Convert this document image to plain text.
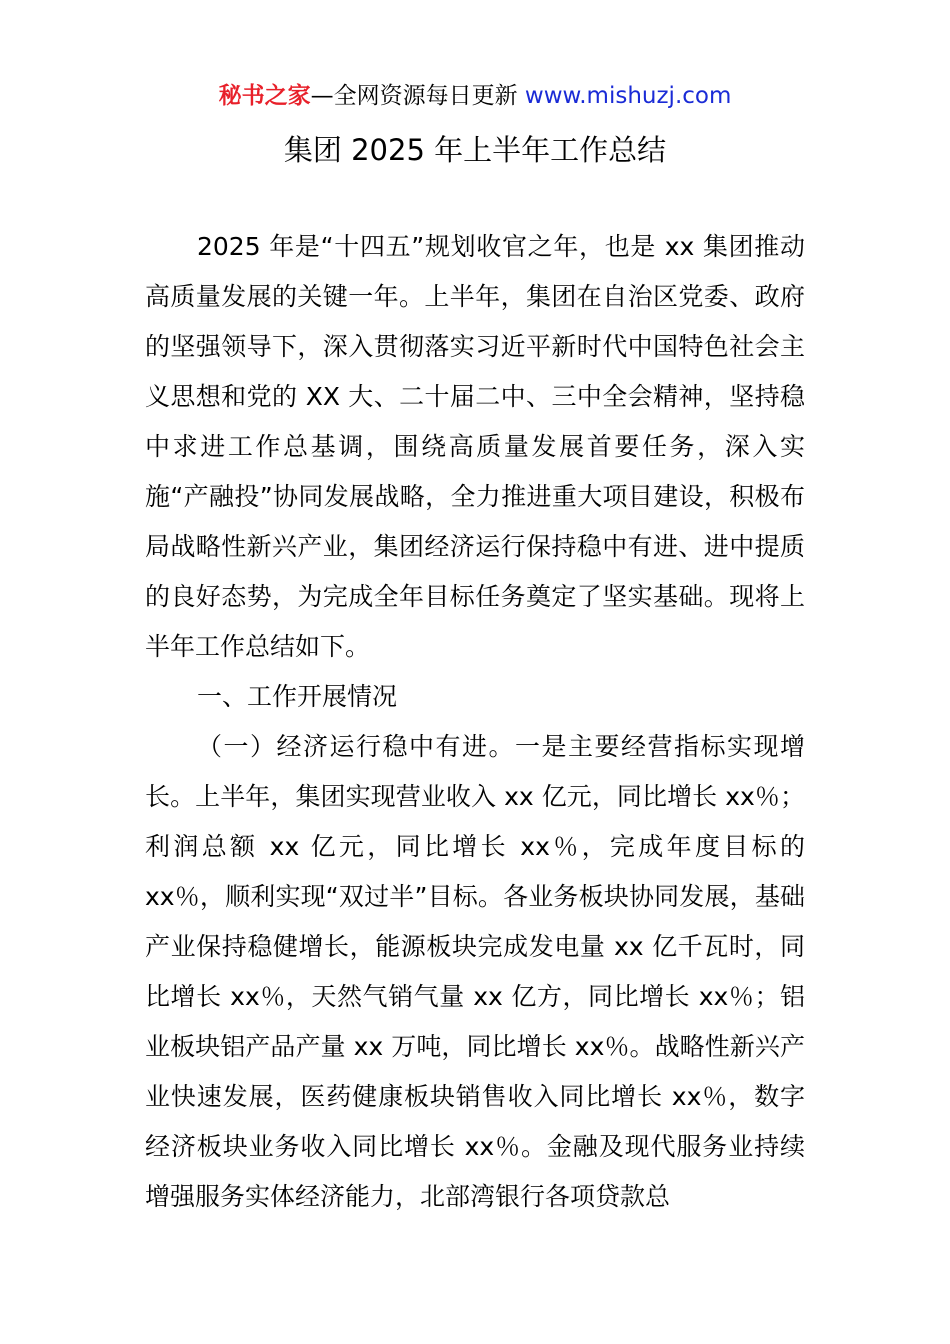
秘书之家—全网资源每日更新 www.mishuzj.com
集团 2025 年上半年工作总结

2025 年是“十四五”规划收官之年，也是 xx 集团推动高质量发展的关键一年。上半年，集团在自治区党委、政府的坚强领导下，深入贯彻落实习近平新时代中国特色社会主义思想和党的 XX 大、二十届二中、三中全会精神，坚持稳中求进工作总基调，围绕高质量发展首要任务，深入实施“产融投”协同发展战略，全力推进重大项目建设，积极布局战略性新兴产业，集团经济运行保持稳中有进、进中提质的良好态势，为完成全年目标任务奠定了坚实基础。现将上半年工作总结如下。

一、工作开展情况

（一）经济运行稳中有进。一是主要经营指标实现增长。上半年，集团实现营业收入 xx 亿元，同比增长 xx％；利润总额 xx 亿元，同比增长 xx％，完成年度目标的 xx％，顺利实现“双过半”目标。各业务板块协同发展，基础产业保持稳健增长，能源板块完成发电量 xx 亿千瓦时，同比增长 xx％，天然气销气量 xx 亿方，同比增长 xx％；铝业板块铝产品产量 xx 万吨，同比增长 xx％。战略性新兴产业快速发展，医药健康板块销售收入同比增长 xx％，数字经济板块业务收入同比增长 xx％。金融及现代服务业持续增强服务实体经济能力，北部湾银行各项贷款总
